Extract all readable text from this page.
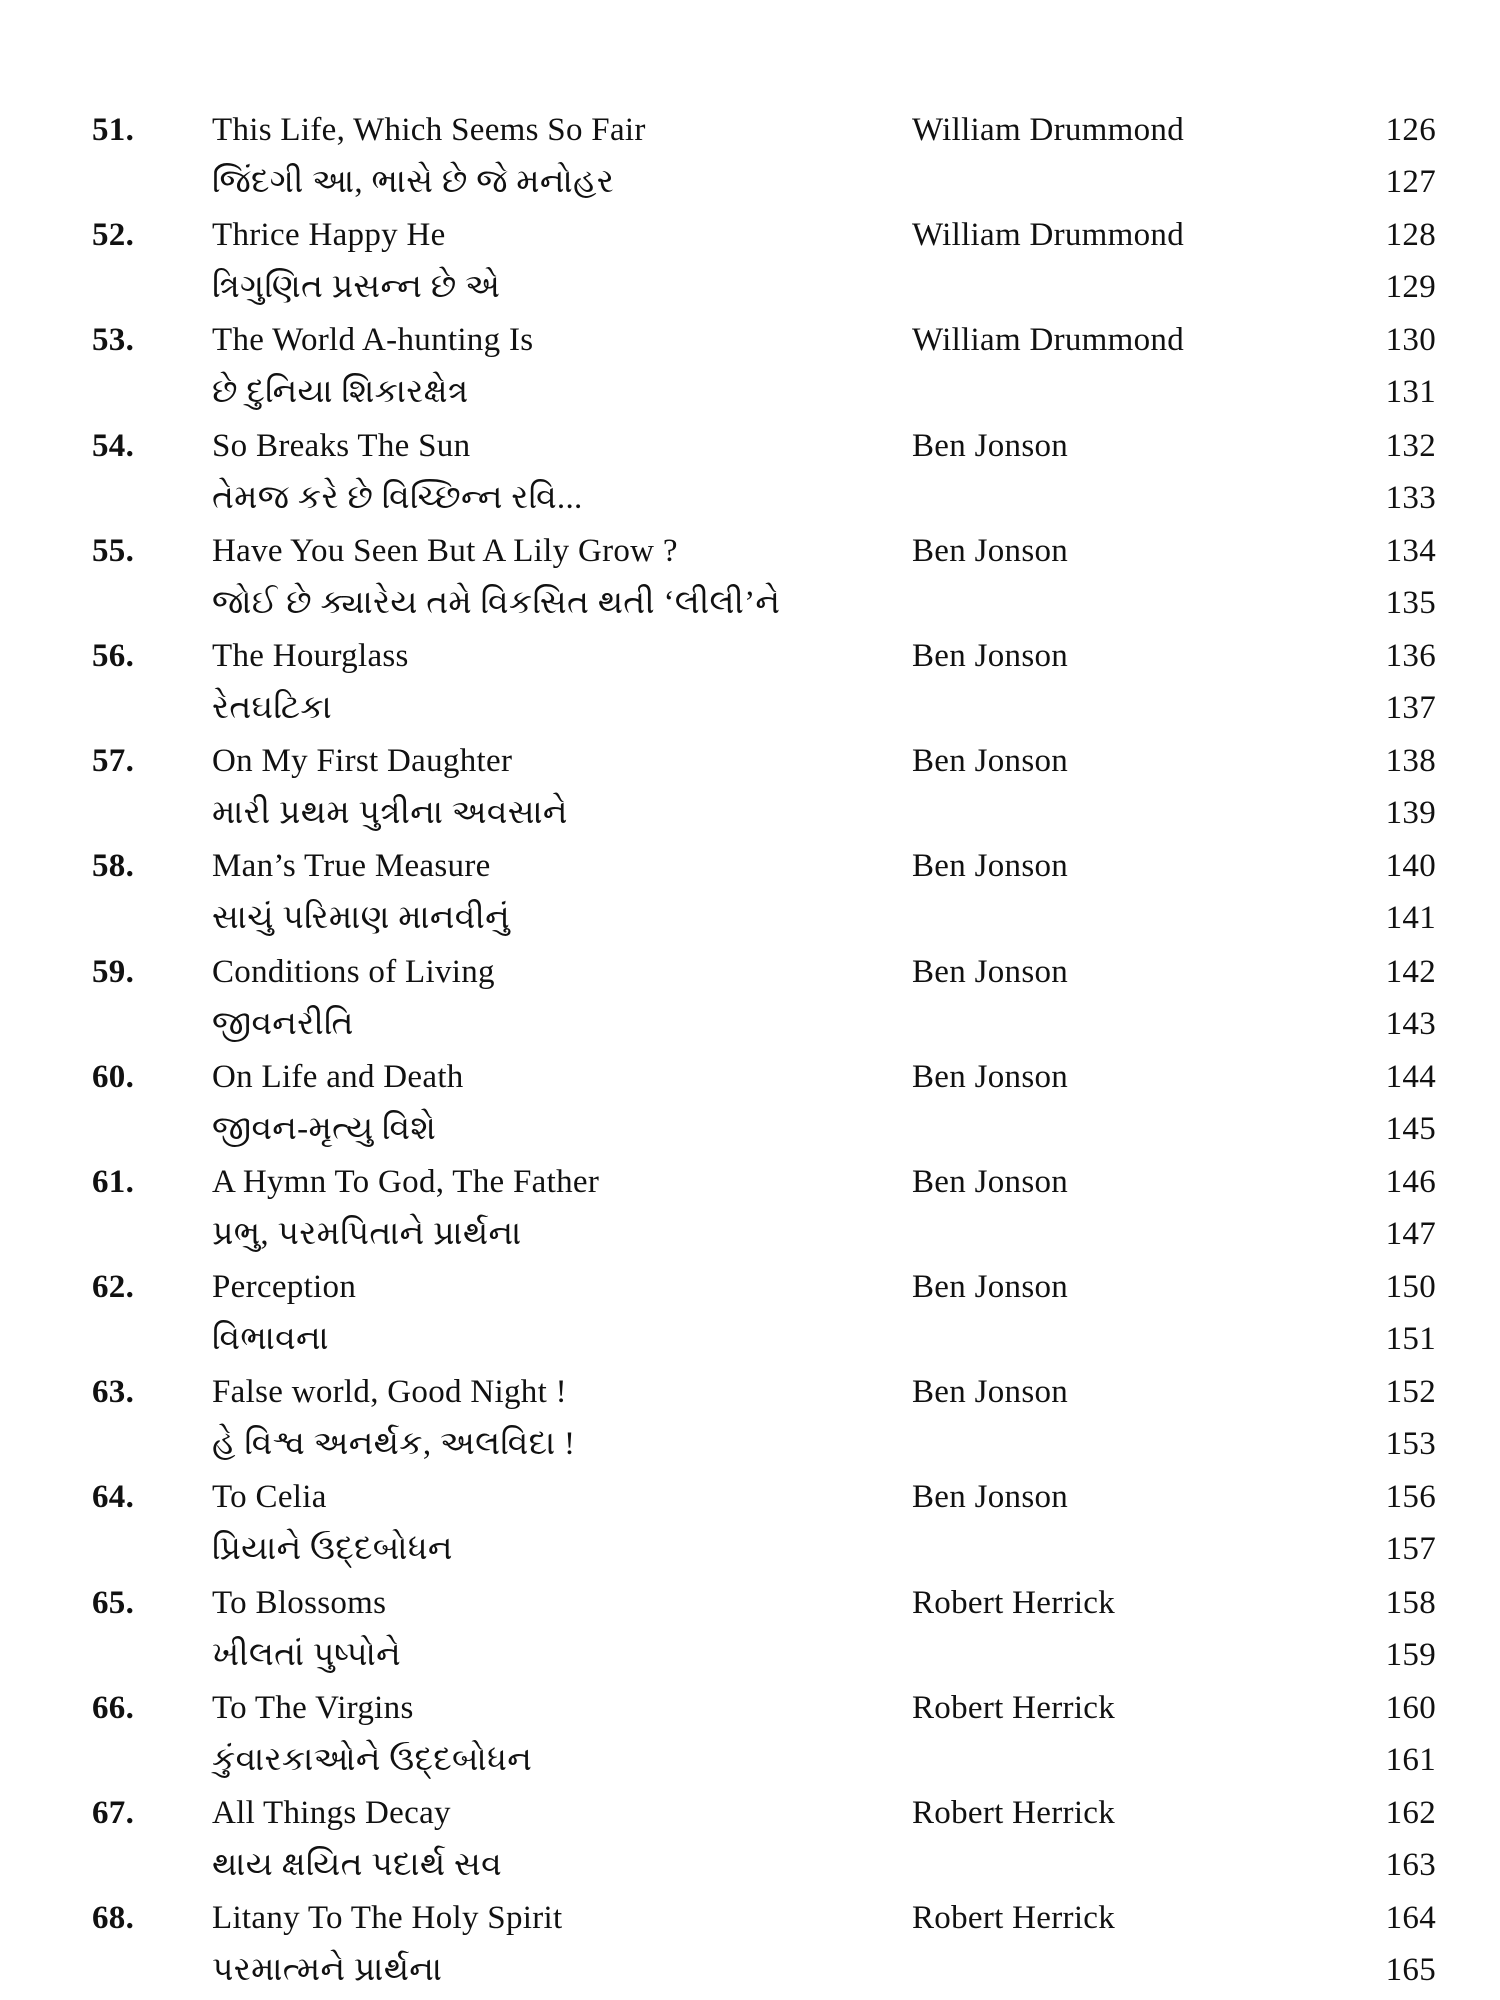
51.	This Life, Which Seems So Fair	William Drummond	126
જિંદગી આ, ભાસે છે જે મનોહર	127
52.	Thrice Happy He	William Drummond	128
ત્રિગુણિત પ્રસન્ન છે એ	129
53.	The World A-hunting Is	William Drummond	130
છે દુનિયા શિકારક્ષેત્ર	131
54.	So Breaks The Sun	Ben Jonson	132
તેમજ કરે છે વિચ્છિન્ન રવિ...	133
55.	Have You Seen But A Lily Grow ?	Ben Jonson	134
જોઈ છે ક્યારેય તમે વિકસિત થતી ‘લીલી’ને	135
56.	The Hourglass	Ben Jonson	136
રેતઘટિકા	137
57.	On My First Daughter	Ben Jonson	138
મારી પ્રથમ પુત્રીના અવસાને	139
58.	Man’s True Measure	Ben Jonson	140
સાચું પરિમાણ માનવીનું	141
59.	Conditions of Living	Ben Jonson	142
જીવનરીતિ	143
60.	On Life and Death	Ben Jonson	144
જીવન-મૃત્યુ વિશે	145
61.	A Hymn To God, The Father	Ben Jonson	146
પ્રભુ, પરમપિતાને પ્રાર્થના	147
62.	Perception	Ben Jonson	150
વિભાવના	151
63.	False world, Good Night !	Ben Jonson	152
હે વિશ્વ અનર્થક, અલવિદા !	153
64.	To Celia	Ben Jonson	156
પ્રિયાને ઉદ્દબોધન	157
65.	To Blossoms	Robert Herrick	158
ખીલતાં પુષ્પોને	159
66.	To The Virgins	Robert Herrick	160
કુંવારકાઓને ઉદ્દબોધન	161
67.	All Things Decay	Robert Herrick	162
થાય ક્ષયિત પદાર્થ સવ	163
68.	Litany To The Holy Spirit	Robert Herrick	164
પરમાત્મને પ્રાર્થના	165
